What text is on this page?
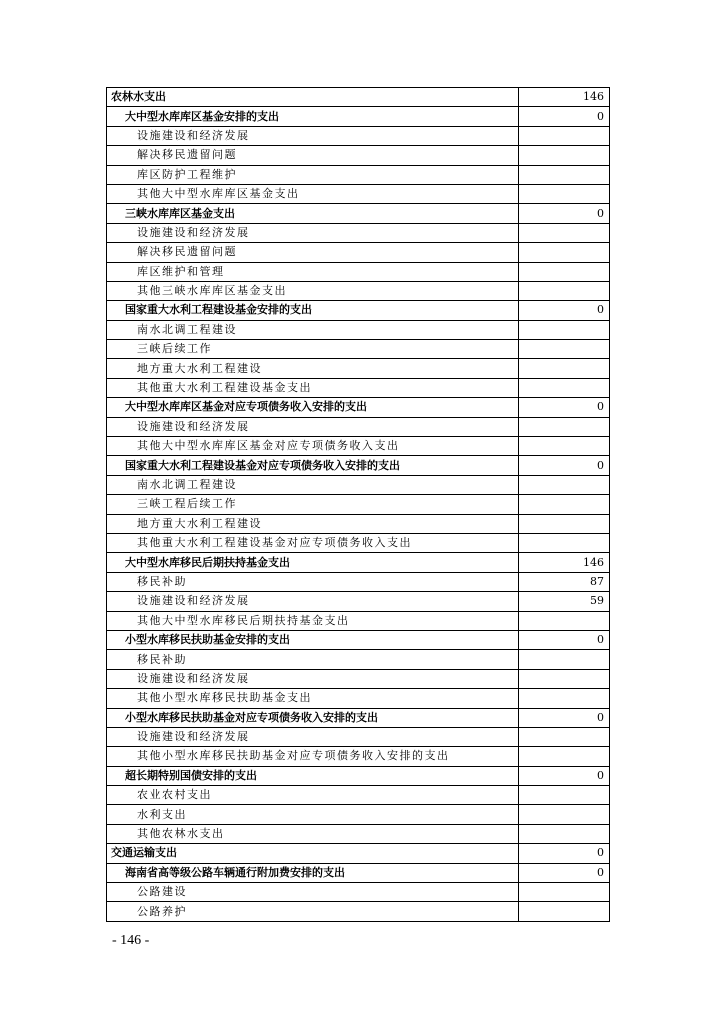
农林水支出	146
大中型水库库区基金安排的支出	0
设施建设和经济发展	
解决移民遗留问题	
库区防护工程维护	
其他大中型水库库区基金支出	
三峡水库库区基金支出	0
设施建设和经济发展	
解决移民遗留问题	
库区维护和管理	
其他三峡水库库区基金支出	
国家重大水利工程建设基金安排的支出	0
南水北调工程建设	
三峡后续工作	
地方重大水利工程建设	
其他重大水利工程建设基金支出	
大中型水库库区基金对应专项债务收入安排的支出	0
设施建设和经济发展	
其他大中型水库库区基金对应专项债务收入支出	
国家重大水利工程建设基金对应专项债务收入安排的支出	0
南水北调工程建设	
三峡工程后续工作	
地方重大水利工程建设	
其他重大水利工程建设基金对应专项债务收入支出	
大中型水库移民后期扶持基金支出	146
移民补助	87
设施建设和经济发展	59
其他大中型水库移民后期扶持基金支出	
小型水库移民扶助基金安排的支出	0
移民补助	
设施建设和经济发展	
其他小型水库移民扶助基金支出	
小型水库移民扶助基金对应专项债务收入安排的支出	0
设施建设和经济发展	
其他小型水库移民扶助基金对应专项债务收入安排的支出	
超长期特别国债安排的支出	0
农业农村支出	
水利支出	
其他农林水支出	
交通运输支出	0
海南省高等级公路车辆通行附加费安排的支出	0
公路建设	
公路养护	
- 146 -
